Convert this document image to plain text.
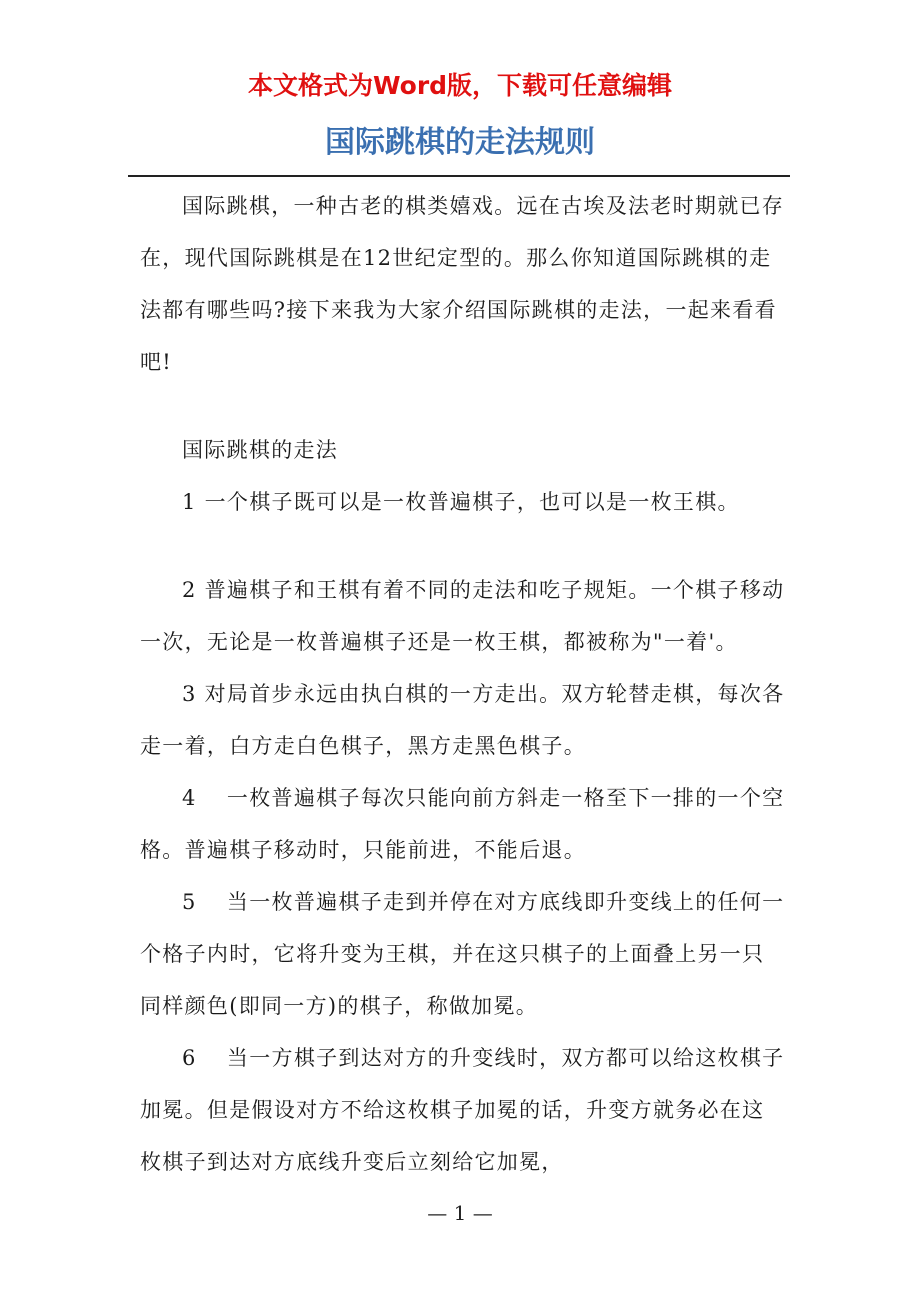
本文格式为Word版，下载可任意编辑
国际跳棋的走法规则

国际跳棋，一种古老的棋类嬉戏。远在古埃及法老时期就已存在，现代国际跳棋是在12世纪定型的。那么你知道国际跳棋的走法都有哪些吗?接下来我为大家介绍国际跳棋的走法，一起来看看吧!

国际跳棋的走法

1 一个棋子既可以是一枚普遍棋子，也可以是一枚王棋。

2 普遍棋子和王棋有着不同的走法和吃子规矩。一个棋子移动一次，无论是一枚普遍棋子还是一枚王棋，都被称为"一着'。

3 对局首步永远由执白棋的一方走出。双方轮替走棋，每次各走一着，白方走白色棋子，黑方走黑色棋子。

4　 一枚普遍棋子每次只能向前方斜走一格至下一排的一个空格。普遍棋子移动时，只能前进，不能后退。

5　 当一枚普遍棋子走到并停在对方底线即升变线上的任何一个格子内时，它将升变为王棋，并在这只棋子的上面叠上另一只同样颜色(即同一方)的棋子，称做加冕。

6　 当一方棋子到达对方的升变线时，双方都可以给这枚棋子加冕。但是假设对方不给这枚棋子加冕的话，升变方就务必在这枚棋子到达对方底线升变后立刻给它加冕，

— 1 —
